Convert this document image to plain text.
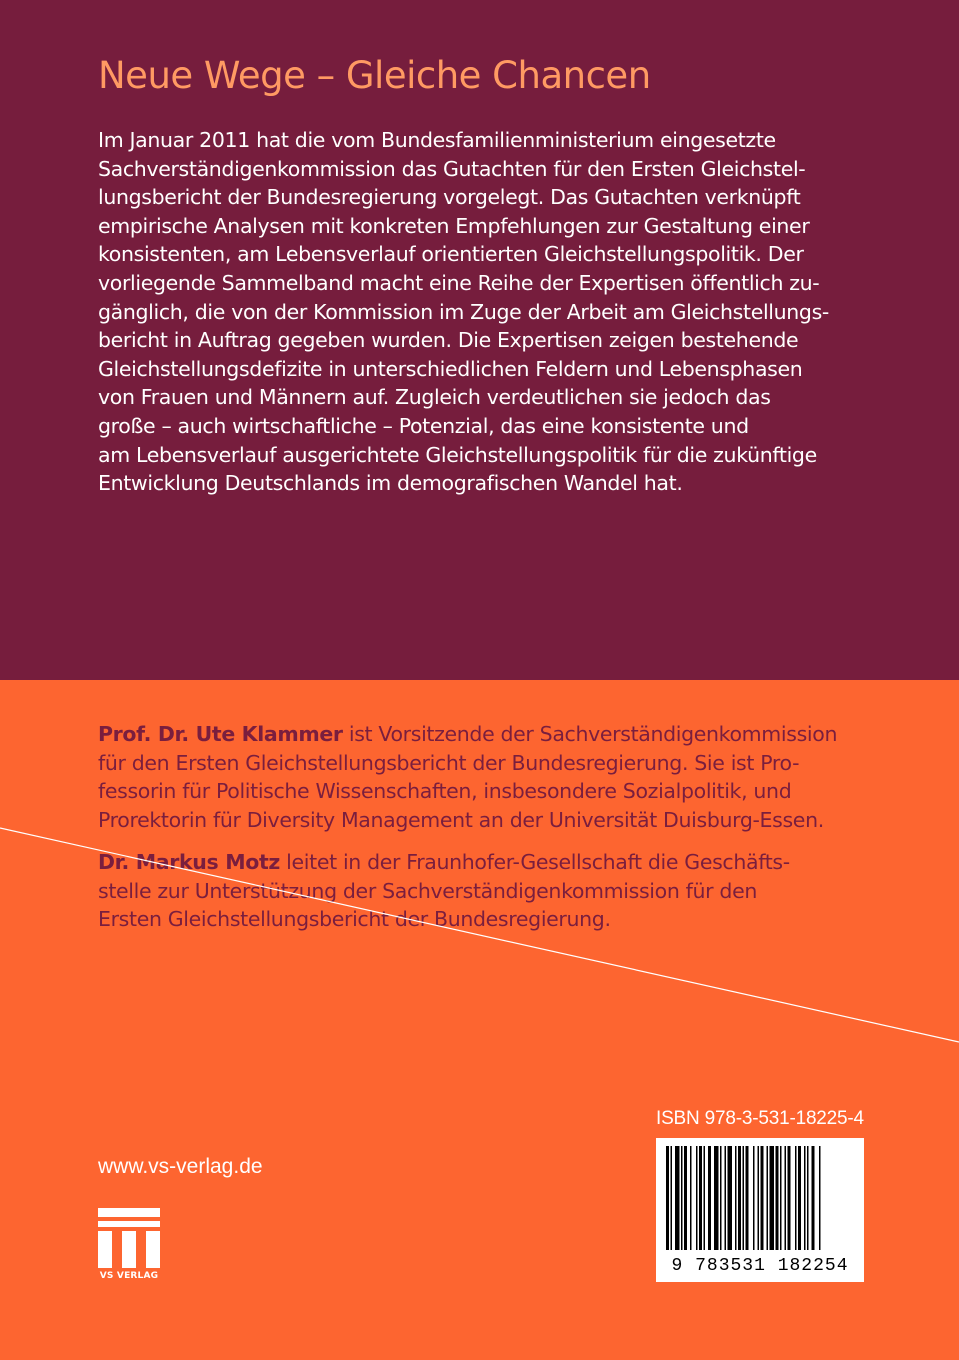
Neue Wege – Gleiche Chancen
Im Januar 2011 hat die vom Bundesfamilienministerium eingesetzte
Sachverständigenkommission das Gutachten für den Ersten Gleichstel-
lungsbericht der Bundesregierung vorgelegt. Das Gutachten verknüpft
empirische Analysen mit konkreten Empfehlungen zur Gestaltung einer
konsistenten, am Lebensverlauf orientierten Gleichstellungspolitik. Der
vorliegende Sammelband macht eine Reihe der Expertisen öffentlich zu-
gänglich, die von der Kommission im Zuge der Arbeit am Gleichstellungs-
bericht in Auftrag gegeben wurden. Die Expertisen zeigen bestehende
Gleichstellungsdefizite in unterschiedlichen Feldern und Lebensphasen
von Frauen und Männern auf. Zugleich verdeutlichen sie jedoch das
große – auch wirtschaftliche – Potenzial, das eine konsistente und
am Lebensverlauf ausgerichtete Gleichstellungspolitik für die zukünftige
Entwicklung Deutschlands im demografischen Wandel hat.
Prof. Dr. Ute Klammer ist Vorsitzende der Sachverständigenkommission
für den Ersten Gleichstellungsbericht der Bundesregierung. Sie ist Pro-
fessorin für Politische Wissenschaften, insbesondere Sozialpolitik, und
Prorektorin für Diversity Management an der Universität Duisburg-Essen.
Dr. Markus Motz leitet in der Fraunhofer-Gesellschaft die Geschäfts-
stelle zur Unterstützung der Sachverständigenkommission für den
Ersten Gleichstellungsbericht der Bundesregierung.
ISBN 978-3-531-18225-4
9 783531 182254
www.vs-verlag.de
VS VERLAG
